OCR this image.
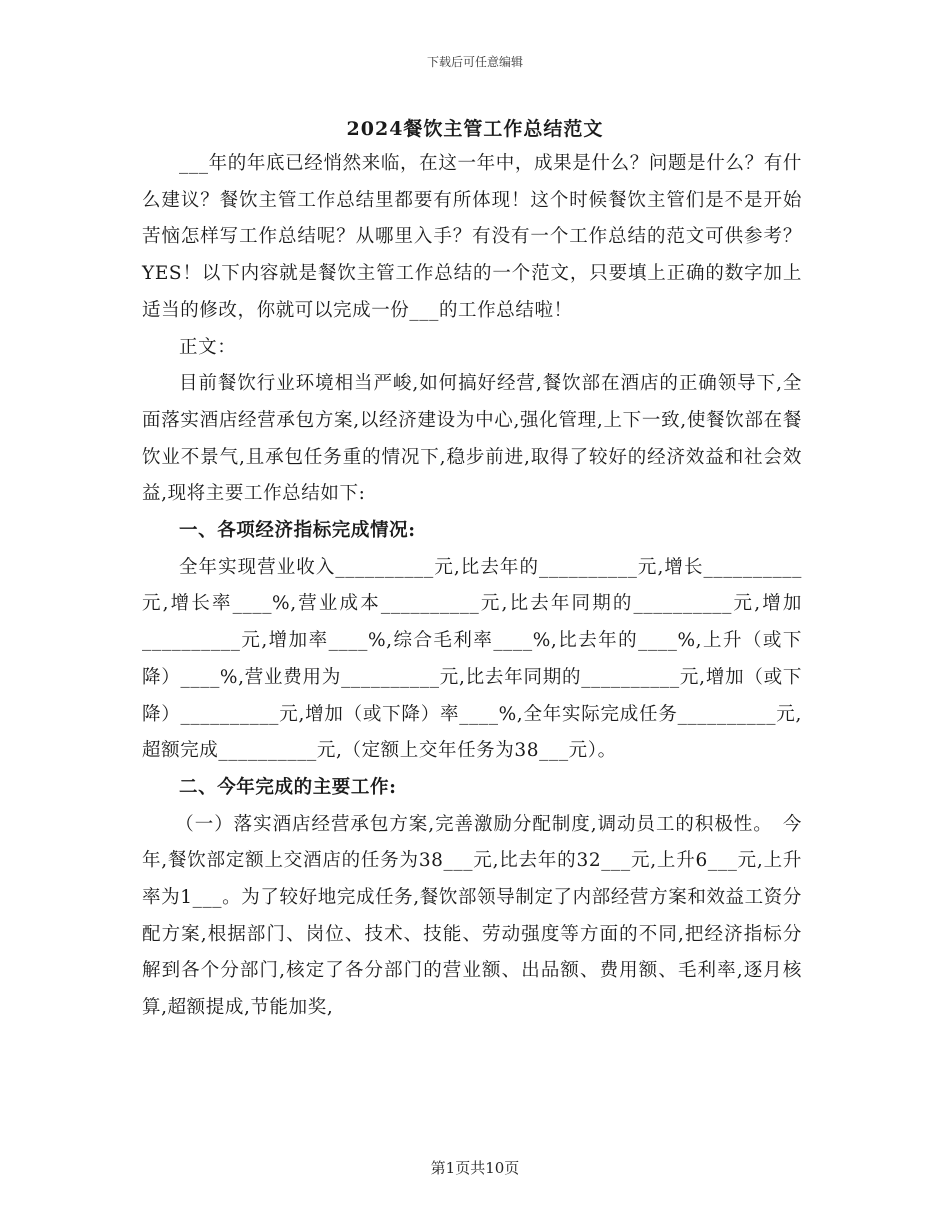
下载后可任意编辑
2024餐饮主管工作总结范文

___年的年底已经悄然来临，在这一年中，成果是什么？问题是什么？有什么建议？餐饮主管工作总结里都要有所体现！这个时候餐饮主管们是不是开始苦恼怎样写工作总结呢？从哪里入手？有没有一个工作总结的范文可供参考？YES！以下内容就是餐饮主管工作总结的一个范文，只要填上正确的数字加上适当的修改，你就可以完成一份___的工作总结啦！

正文：

目前餐饮行业环境相当严峻,如何搞好经营,餐饮部在酒店的正确领导下,全面落实酒店经营承包方案,以经济建设为中心,强化管理,上下一致,使餐饮部在餐饮业不景气,且承包任务重的情况下,稳步前进,取得了较好的经济效益和社会效益,现将主要工作总结如下:

一、各项经济指标完成情况:

全年实现营业收入__________元,比去年的__________元,增长__________元,增长率____%,营业成本__________元,比去年同期的__________元,增加__________元,增加率____%,综合毛利率____%,比去年的____%,上升（或下降）____%,营业费用为__________元,比去年同期的__________元,增加（或下降）__________元,增加（或下降）率____%,全年实际完成任务__________元,超额完成__________元,（定额上交年任务为38___元）。

二、今年完成的主要工作:

（一）落实酒店经营承包方案,完善激励分配制度,调动员工的积极性。　今年,餐饮部定额上交酒店的任务为38___元,比去年的32___元,上升6___元,上升率为1___。为了较好地完成任务,餐饮部领导制定了内部经营方案和效益工资分配方案,根据部门、岗位、技术、技能、劳动强度等方面的不同,把经济指标分解到各个分部门,核定了各分部门的营业额、出品额、费用额、毛利率,逐月核算,超额提成,节能加奖,

第1页共10页
